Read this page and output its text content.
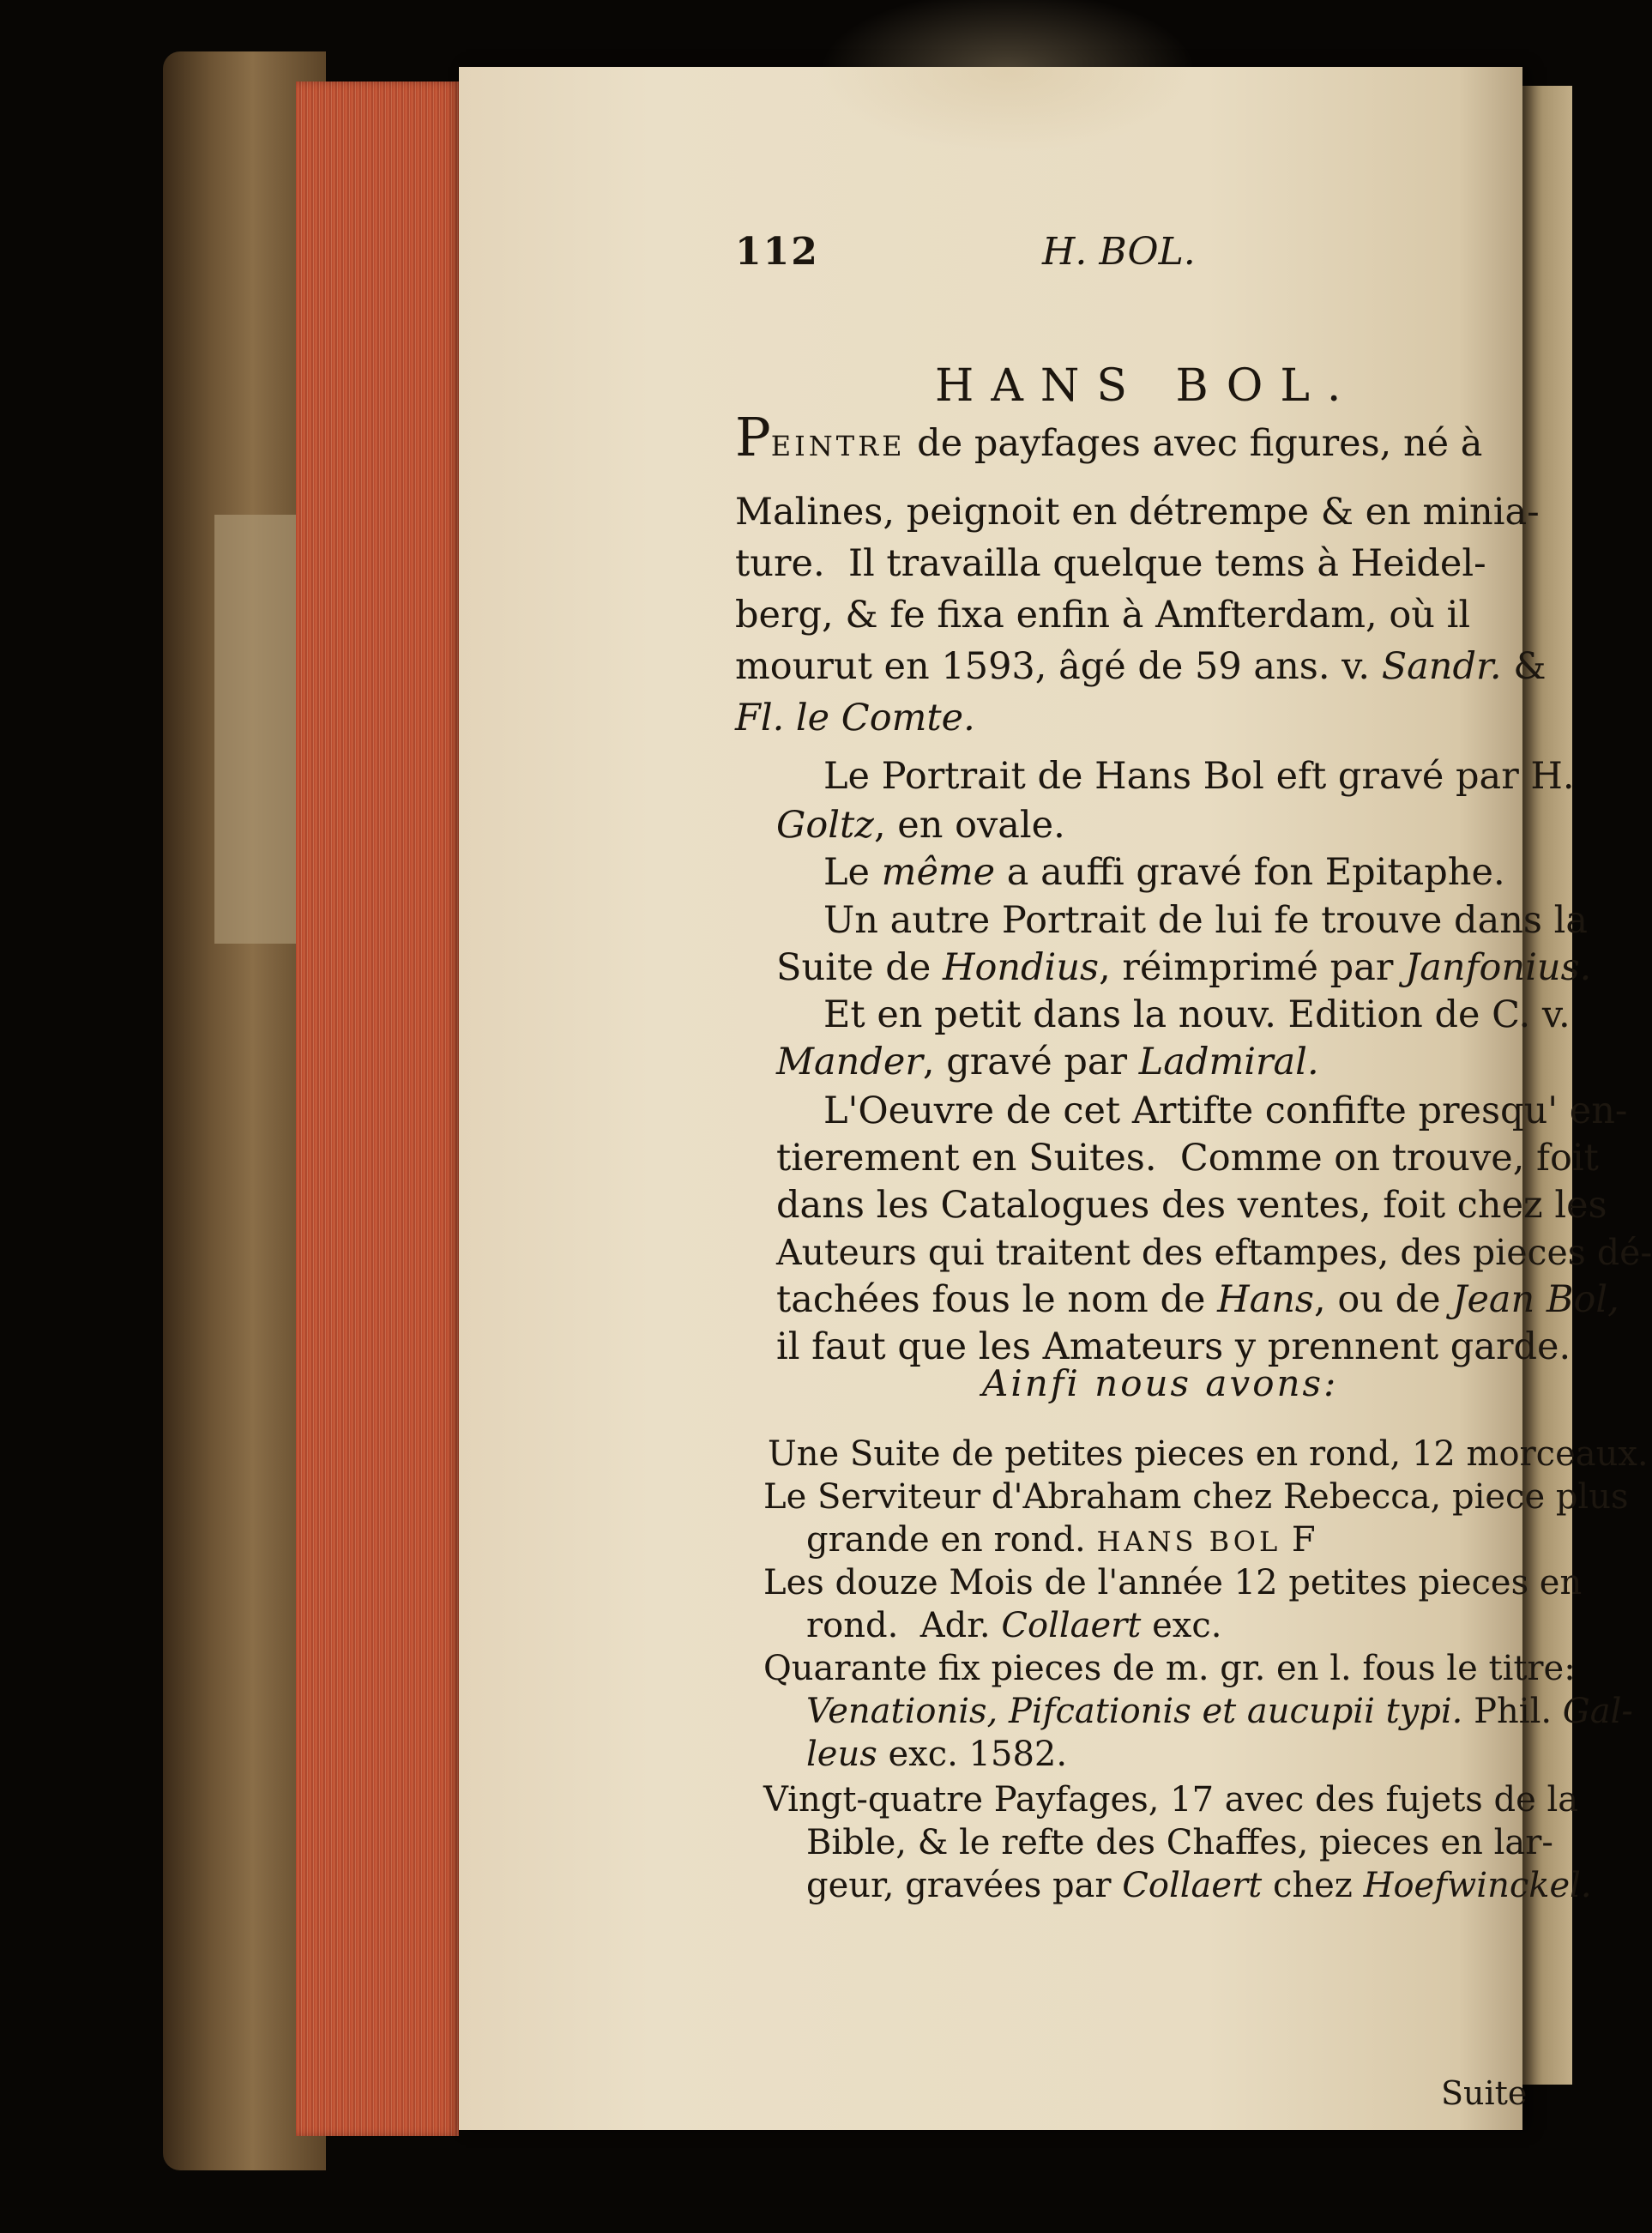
112	H. BOL.
HANS BOL.
PEINTRE de payfages avec figures, né à
Malines, peignoit en détrempe & en minia-
ture.  Il travailla quelque tems à Heidel-
berg, & fe fixa enfin à Amfterdam, où il
mourut en 1593, âgé de 59 ans. v. Sandr. &
Fl. le Comte.
Le Portrait de Hans Bol eft gravé par H.
Goltz, en ovale.
Le même a auffi gravé fon Epitaphe.
Un autre Portrait de lui fe trouve dans la
Suite de Hondius, réimprimé par Janfonius.
Et en petit dans la nouv. Edition de C. v.
Mander, gravé par Ladmiral.
L'Oeuvre de cet Artifte confifte presqu' en-
tierement en Suites.  Comme on trouve, foit
dans les Catalogues des ventes, foit chez les
Auteurs qui traitent des eftampes, des pieces dé-
tachées fous le nom de Hans, ou de Jean Bol,
il faut que les Amateurs y prennent garde.
Ainfi nous avons:
Une Suite de petites pieces en rond, 12 morceaux.
Le Serviteur d'Abraham chez Rebecca, piece plus
grande en rond. HANS BOL F
Les douze Mois de l'année 12 petites pieces en
rond.  Adr. Collaert exc.
Quarante fix pieces de m. gr. en l. fous le titre:
Venationis, Pifcationis et aucupii typi. Phil. Gal-
leus exc. 1582.
Vingt-quatre Payfages, 17 avec des fujets de la
Bible, & le refte des Chaffes, pieces en lar-
geur, gravées par Collaert chez Hoefwinckel.
Suite
